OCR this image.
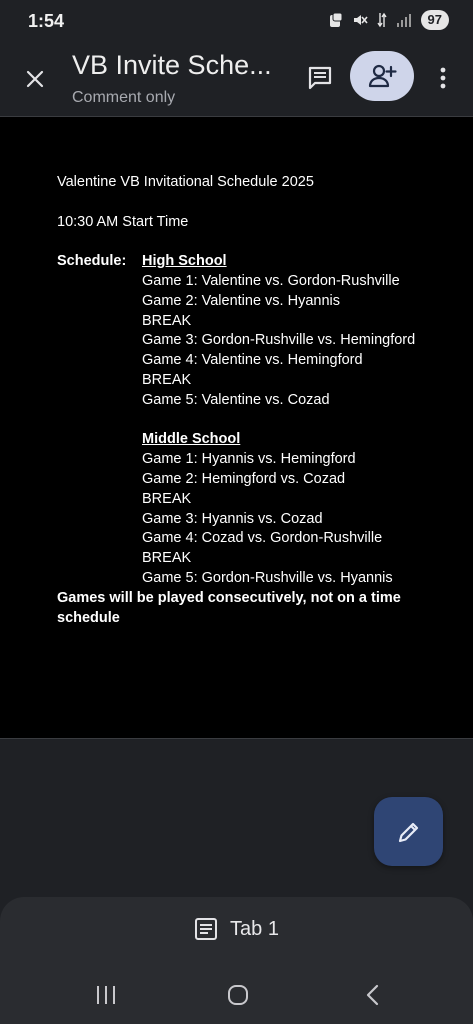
1:54	97
VB Invite Sche...
Comment only
Valentine VB Invitational Schedule 2025
10:30 AM Start Time
Schedule:	High School
Game 1: Valentine vs. Gordon-Rushville
Game 2: Valentine vs. Hyannis
BREAK
Game 3: Gordon-Rushville vs. Hemingford
Game 4: Valentine vs. Hemingford
BREAK
Game 5: Valentine vs. Cozad
Middle School
Game 1: Hyannis vs. Hemingford
Game 2: Hemingford vs. Cozad
BREAK
Game 3: Hyannis vs. Cozad
Game 4: Cozad vs. Gordon-Rushville
BREAK
Game 5: Gordon-Rushville vs. Hyannis
Games will be played consecutively, not on a time schedule
Tab 1
